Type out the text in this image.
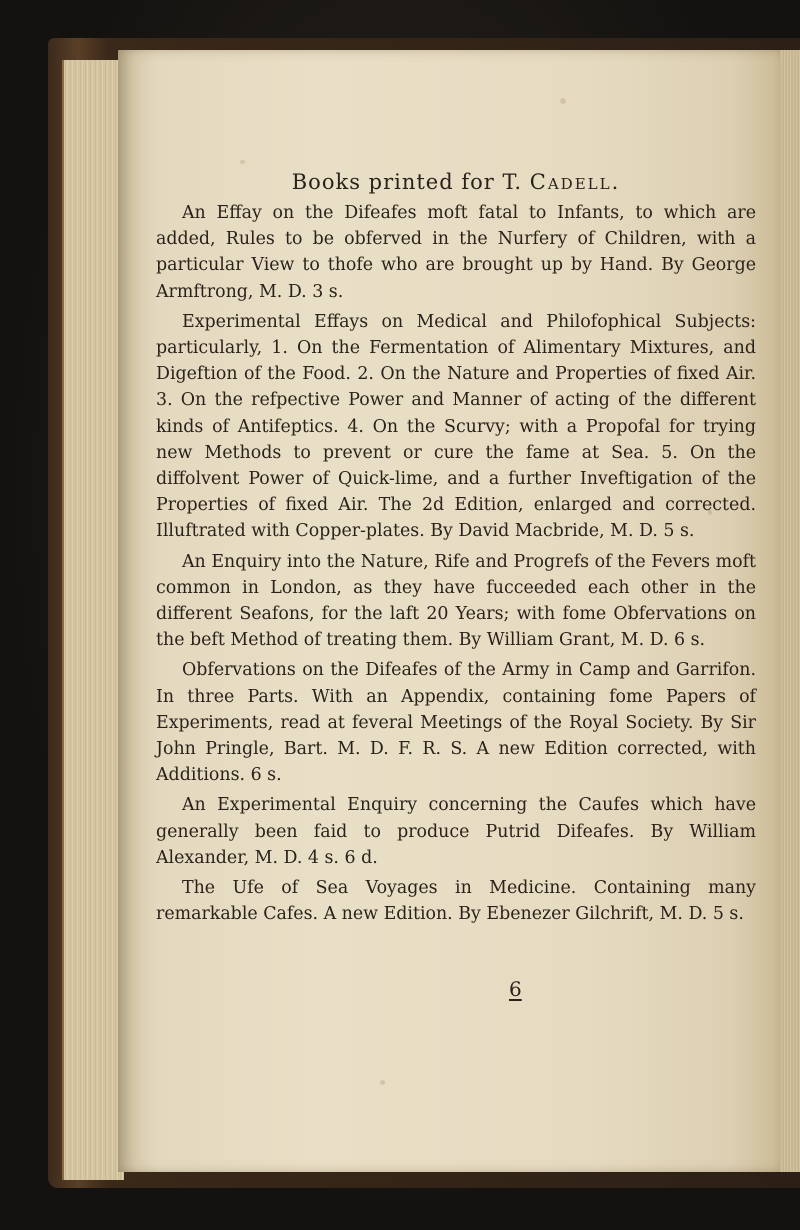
Books printed for T. Cadell.

An Effay on the Difeafes moft fatal to Infants, to which are added, Rules to be obferved in the Nurfery of Children, with a particular View to thofe who are brought up by Hand. By George Armftrong, M. D. 3 s.

Experimental Effays on Medical and Philofophical Subjects: particularly, 1. On the Fermentation of Alimentary Mixtures, and Digeftion of the Food. 2. On the Nature and Properties of fixed Air. 3. On the refpective Power and Manner of acting of the different kinds of Antifeptics. 4. On the Scurvy; with a Propofal for trying new Methods to prevent or cure the fame at Sea. 5. On the diffolvent Power of Quick-lime, and a further Inveftigation of the Properties of fixed Air. The 2d Edition, enlarged and corrected. Illuftrated with Copper-plates. By David Macbride, M. D. 5 s.

An Enquiry into the Nature, Rife and Progrefs of the Fevers moft common in London, as they have fucceeded each other in the different Seafons, for the laft 20 Years; with fome Obfervations on the beft Method of treating them. By William Grant, M. D. 6 s.

Obfervations on the Difeafes of the Army in Camp and Garrifon. In three Parts. With an Appendix, containing fome Papers of Experiments, read at feveral Meetings of the Royal Society. By Sir John Pringle, Bart. M. D. F. R. S. A new Edition corrected, with Additions. 6 s.

An Experimental Enquiry concerning the Caufes which have generally been faid to produce Putrid Difeafes. By William Alexander, M. D. 4 s. 6 d.

The Ufe of Sea Voyages in Medicine. Containing many remarkable Cafes. A new Edition. By Ebenezer Gilchrift, M. D. 5 s.

6
